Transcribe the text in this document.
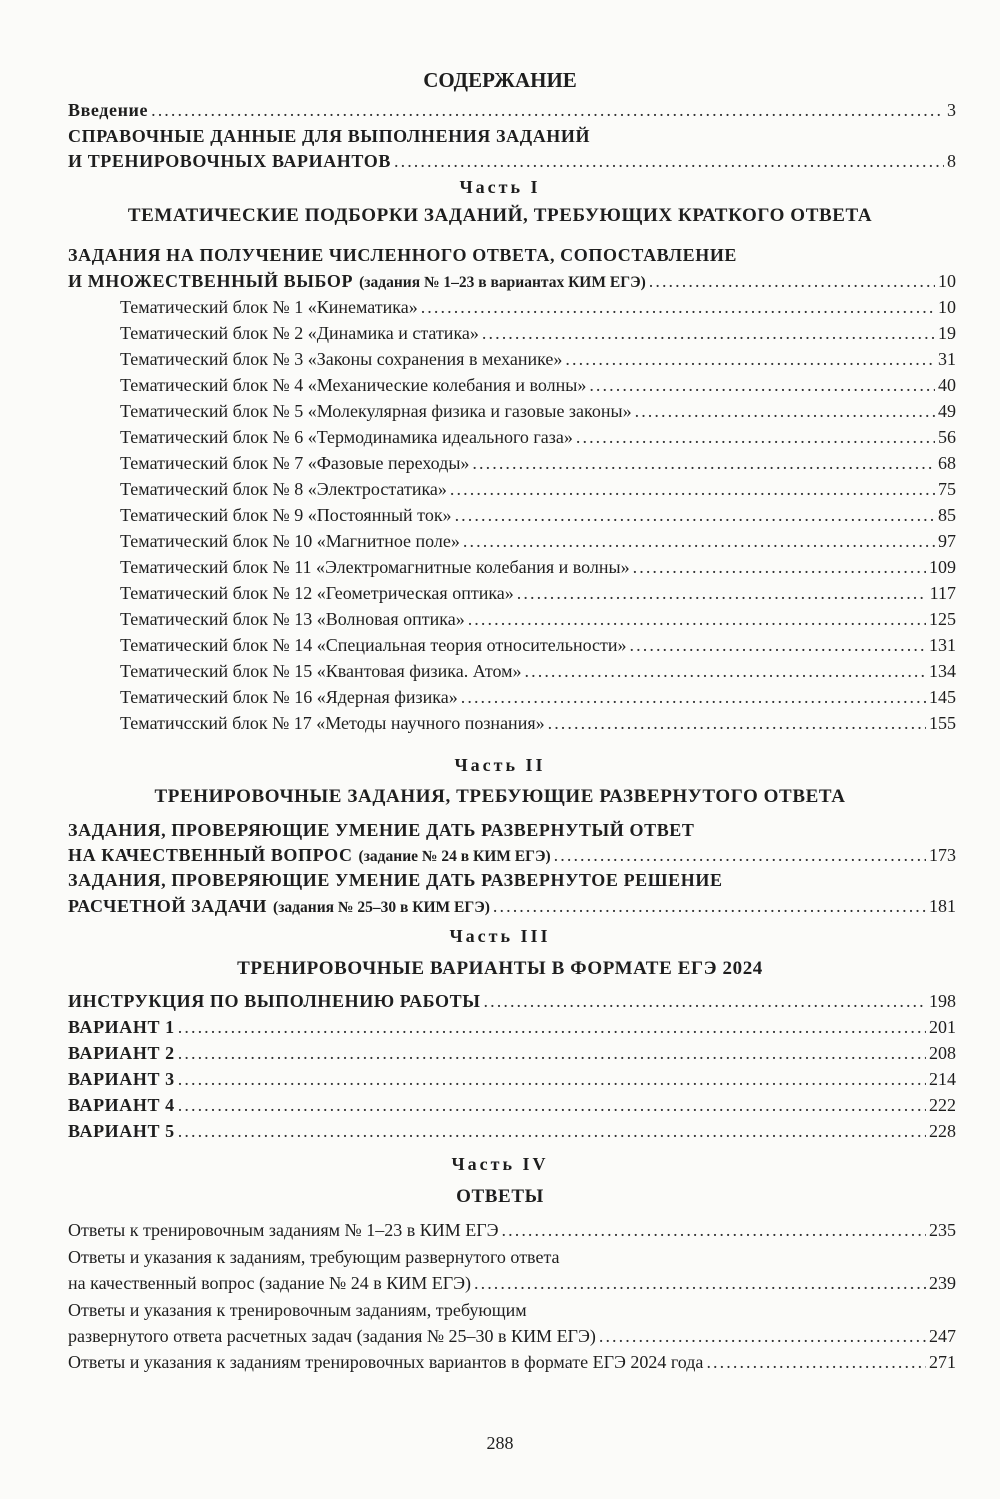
СОДЕРЖАНИЕ
Введение . . .	3
СПРАВОЧНЫЕ ДАННЫЕ ДЛЯ ВЫПОЛНЕНИЯ ЗАДАНИЙ
И ТРЕНИРОВОЧНЫХ ВАРИАНТОВ . . .	8
Часть I
ТЕМАТИЧЕСКИЕ ПОДБОРКИ ЗАДАНИЙ, ТРЕБУЮЩИХ КРАТКОГО ОТВЕТА
ЗАДАНИЯ НА ПОЛУЧЕНИЕ ЧИСЛЕННОГО ОТВЕТА, СОПОСТАВЛЕНИЕ
И МНОЖЕСТВЕННЫЙ ВЫБОР (задания № 1–23 в вариантах КИМ ЕГЭ) . . .	10
Тематический блок № 1 «Кинематика» . . .	10
Тематический блок № 2 «Динамика и статика» . . .	19
Тематический блок № 3 «Законы сохранения в механике» . . .	31
Тематический блок № 4 «Механические колебания и волны» . . .	40
Тематический блок № 5 «Молекулярная физика и газовые законы» . . .	49
Тематический блок № 6 «Термодинамика идеального газа» . . .	56
Тематический блок № 7 «Фазовые переходы» . . .	68
Тематический блок № 8 «Электростатика» . . .	75
Тематический блок № 9 «Постоянный ток» . . .	85
Тематический блок № 10 «Магнитное поле» . . .	97
Тематический блок № 11 «Электромагнитные колебания и волны» . . .	109
Тематический блок № 12 «Геометрическая оптика» . . .	117
Тематический блок № 13 «Волновая оптика» . . .	125
Тематический блок № 14 «Специальная теория относительности» . . .	131
Тематический блок № 15 «Квантовая физика. Атом» . . .	134
Тематический блок № 16 «Ядерная физика» . . .	145
Тематичсский блок № 17 «Методы научного познания» . . .	155
Часть II
ТРЕНИРОВОЧНЫЕ ЗАДАНИЯ, ТРЕБУЮЩИЕ РАЗВЕРНУТОГО ОТВЕТА
ЗАДАНИЯ, ПРОВЕРЯЮЩИЕ УМЕНИЕ ДАТЬ РАЗВЕРНУТЫЙ ОТВЕТ
НА КАЧЕСТВЕННЫЙ ВОПРОС (задание № 24 в КИМ ЕГЭ) . . .	173
ЗАДАНИЯ, ПРОВЕРЯЮЩИЕ УМЕНИЕ ДАТЬ РАЗВЕРНУТОЕ РЕШЕНИЕ
РАСЧЕТНОЙ ЗАДАЧИ (задания № 25–30 в КИМ ЕГЭ) . . .	181
Часть III
ТРЕНИРОВОЧНЫЕ ВАРИАНТЫ В ФОРМАТЕ ЕГЭ 2024
ИНСТРУКЦИЯ ПО ВЫПОЛНЕНИЮ РАБОТЫ . . .	198
ВАРИАНТ 1 . . .	201
ВАРИАНТ 2 . . .	208
ВАРИАНТ 3 . . .	214
ВАРИАНТ 4 . . .	222
ВАРИАНТ 5 . . .	228
Часть IV
ОТВЕТЫ
Ответы к тренировочным заданиям № 1–23 в КИМ ЕГЭ . . .	235
Ответы и указания к заданиям, требующим развернутого ответа
на качественный вопрос (задание № 24 в КИМ ЕГЭ) . . .	239
Ответы и указания к тренировочным заданиям, требующим
развернутого ответа расчетных задач (задания № 25–30 в КИМ ЕГЭ) . . .	247
Ответы и указания к заданиям тренировочных вариантов в формате ЕГЭ 2024 года . . .	271
288
